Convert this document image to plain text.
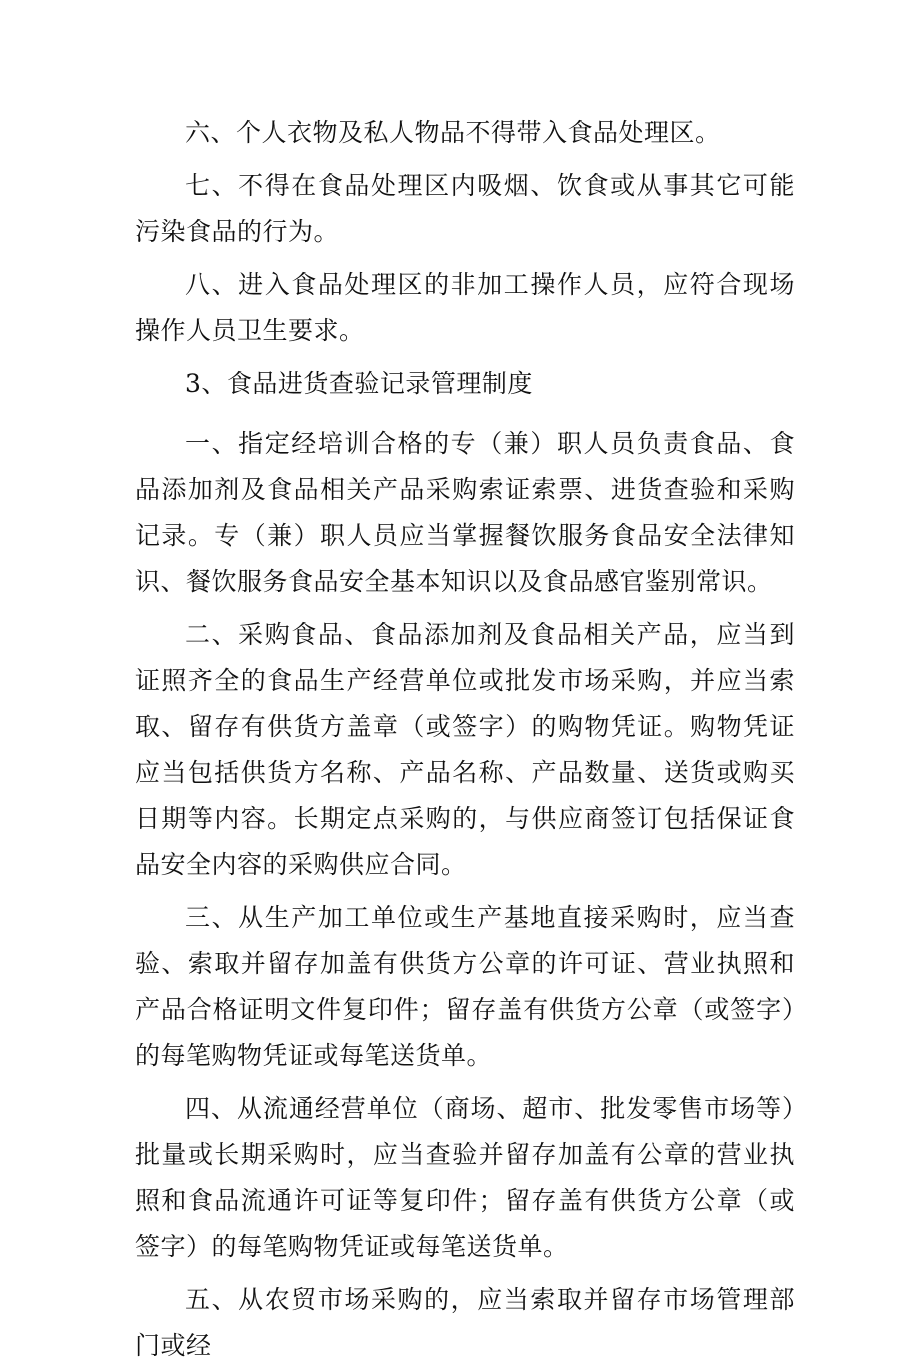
六、个人衣物及私人物品不得带入食品处理区。

七、不得在食品处理区内吸烟、饮食或从事其它可能污染食品的行为。

八、进入食品处理区的非加工操作人员，应符合现场操作人员卫生要求。

3、食品进货查验记录管理制度

一、指定经培训合格的专（兼）职人员负责食品、食品添加剂及食品相关产品采购索证索票、进货查验和采购记录。专（兼）职人员应当掌握餐饮服务食品安全法律知识、餐饮服务食品安全基本知识以及食品感官鉴别常识。

二、采购食品、食品添加剂及食品相关产品，应当到证照齐全的食品生产经营单位或批发市场采购，并应当索取、留存有供货方盖章（或签字）的购物凭证。购物凭证应当包括供货方名称、产品名称、产品数量、送货或购买日期等内容。长期定点采购的，与供应商签订包括保证食品安全内容的采购供应合同。

三、从生产加工单位或生产基地直接采购时，应当查验、索取并留存加盖有供货方公章的许可证、营业执照和产品合格证明文件复印件；留存盖有供货方公章（或签字）的每笔购物凭证或每笔送货单。

四、从流通经营单位（商场、超市、批发零售市场等）批量或长期采购时，应当查验并留存加盖有公章的营业执照和食品流通许可证等复印件；留存盖有供货方公章（或签字）的每笔购物凭证或每笔送货单。

五、从农贸市场采购的，应当索取并留存市场管理部门或经
